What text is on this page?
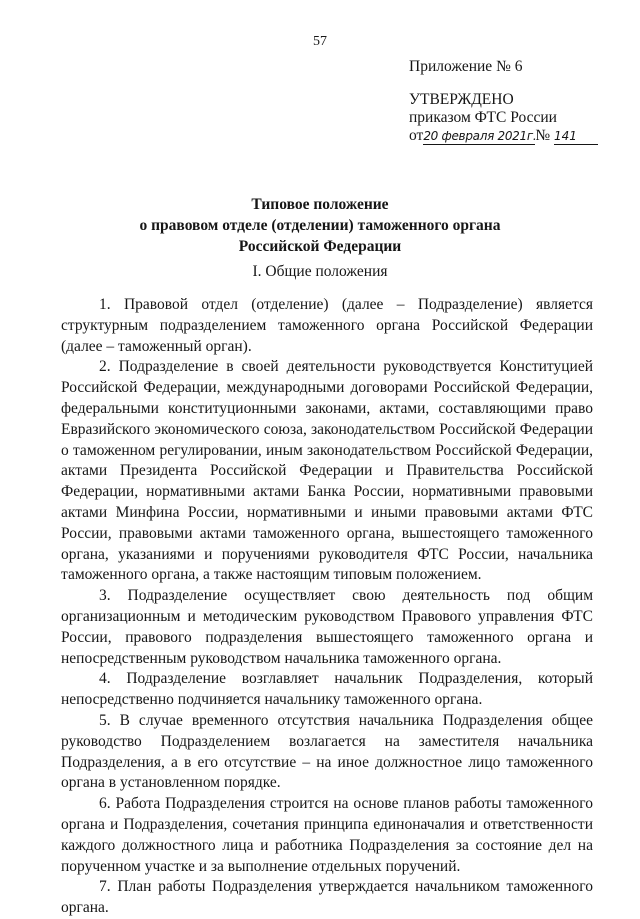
57
Приложение № 6
УТВЕРЖДЕНО
приказом ФТС России
от20 февраля 2021г.№ 141
Типовое положение
о правовом отделе (отделении) таможенного органа
Российской Федерации
I. Общие положения

1. Правовой отдел (отделение) (далее – Подразделение) является структурным подразделением таможенного органа Российской Федерации (далее – таможенный орган).

2. Подразделение в своей деятельности руководствуется Конституцией Российской Федерации, международными договорами Российской Федерации, федеральными конституционными законами, актами, составляющими право Евразийского экономического союза, законодательством Российской Федерации о таможенном регулировании, иным законодательством Российской Федерации, актами Президента Российской Федерации и Правительства Российской Федерации, нормативными актами Банка России, нормативными правовыми актами Минфина России, нормативными и иными правовыми актами ФТС России, правовыми актами таможенного органа, вышестоящего таможенного органа, указаниями и поручениями руководителя ФТС России, начальника таможенного органа, а также настоящим типовым положением.

3. Подразделение осуществляет свою деятельность под общим организационным и методическим руководством Правового управления ФТС России, правового подразделения вышестоящего таможенного органа и непосредственным руководством начальника таможенного органа.

4. Подразделение возглавляет начальник Подразделения, который непосредственно подчиняется начальнику таможенного органа.

5. В случае временного отсутствия начальника Подразделения общее руководство Подразделением возлагается на заместителя начальника Подразделения, а в его отсутствие – на иное должностное лицо таможенного органа в установленном порядке.

6. Работа Подразделения строится на основе планов работы таможенного органа и Подразделения, сочетания принципа единоначалия и ответственности каждого должностного лица и работника Подразделения за состояние дел на порученном участке и за выполнение отдельных поручений.

7. План работы Подразделения утверждается начальником таможенного органа.
